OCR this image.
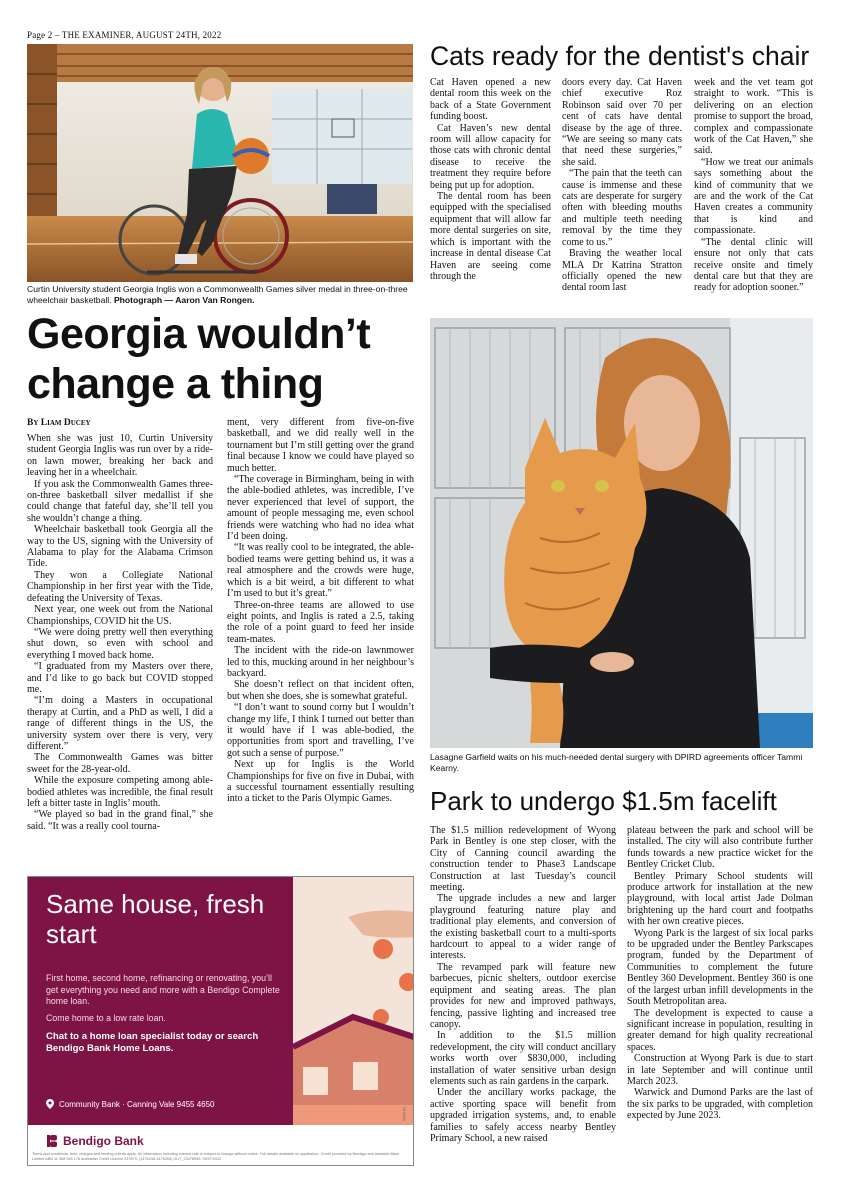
Page 2 – THE EXAMINER, AUGUST 24TH, 2022
Curtin University student Georgia Inglis won a Commonwealth Games silver medal in three-on-three wheelchair basketball. Photograph — Aaron Van Rongen.
Georgia wouldn’t change a thing
By Liam Ducey

When she was just 10, Curtin University student Georgia Inglis was run over by a ride-on lawn mower, breaking her back and leaving her in a wheelchair.

If you ask the Commonwealth Games three-on-three basketball silver medallist if she could change that fateful day, she’ll tell you she wouldn’t change a thing.

Wheelchair basketball took Georgia all the way to the US, signing with the University of Alabama to play for the Alabama Crimson Tide.

They won a Collegiate National Championship in her first year with the Tide, defeating the University of Texas.

Next year, one week out from the National Championships, COVID hit the US.

“We were doing pretty well then everything shut down, so even with school and everything I moved back home.

“I graduated from my Masters over there, and I’d like to go back but COVID stopped me.

“I’m doing a Masters in occupational therapy at Curtin, and a PhD as well, I did a range of different things in the US, the university system over there is very, very different.”

The Commonwealth Games was bitter sweet for the 28-year-old.

While the exposure competing among able-bodied athletes was incredible, the final result left a bitter taste in Inglis’ mouth.

“We played so bad in the grand final,” she said. “It was a really cool tourna-

ment, very different from five-on-five basketball, and we did really well in the tournament but I’m still getting over the grand final because I know we could have played so much better.

“The coverage in Birmingham, being in with the able-bodied athletes, was incredible, I’ve never experienced that level of support, the amount of people messaging me, even school friends were watching who had no idea what I’d been doing.

“It was really cool to be integrated, the able-bodied teams were getting behind us, it was a real atmosphere and the crowds were huge, which is a bit weird, a bit different to what I’m used to but it’s great.”

Three-on-three teams are allowed to use eight points, and Inglis is rated a 2.5, taking the role of a point guard to feed her inside team-mates.

The incident with the ride-on lawnmower led to this, mucking around in her neighbour’s backyard.

She doesn’t reflect on that incident often, but when she does, she is somewhat grateful.

“I don’t want to sound corny but I wouldn’t change my life, I think I turned out better than it would have if I was able-bodied, the opportunities from sport and travelling, I’ve got such a sense of purpose.”

Next up for Inglis is the World Championships for five on five in Dubai, with a successful tournament essentially resulting into a ticket to the Paris Olympic Games.

Cats ready for the dentist's chair

Cat Haven opened a new dental room this week on the back of a State Government funding boost.

Cat Haven’s new dental room will allow capacity for those cats with chronic dental disease to receive the treatment they require before being put up for adoption.

The dental room has been equipped with the specialised equipment that will allow far more dental surgeries on site, which is important with the increase in dental disease Cat Haven are seeing come through the

doors every day. Cat Haven chief executive Roz Robinson said over 70 per cent of cats have dental disease by the age of three. “We are seeing so many cats that need these surgeries,” she said.

“The pain that the teeth can cause is immense and these cats are desperate for surgery often with bleeding mouths and multiple teeth needing removal by the time they come to us.”

Braving the weather local MLA Dr Katrina Stratton officially opened the new dental room last

week and the vet team got straight to work. “This is delivering on an election promise to support the broad, complex and compassionate work of the Cat Haven,” she said.

“How we treat our animals says something about the kind of community that we are and the work of the Cat Haven creates a community that is kind and compassionate.

“The dental clinic will ensure not only that cats receive onsite and timely dental care but that they are ready for adoption sooner.”

Lasagne Garfield waits on his much-needed dental surgery with DPIRD agreements officer Tammi Kearny.
Park to undergo $1.5m facelift

The $1.5 million redevelopment of Wyong Park in Bentley is one step closer, with the City of Canning council awarding the construction tender to Phase3 Landscape Construction at last Tuesday’s council meeting.

The upgrade includes a new and larger playground featuring nature play and traditional play elements, and conversion of the existing basketball court to a multi-sports hardcourt to appeal to a wider range of interests.

The revamped park will feature new barbecues, picnic shelters, outdoor exercise equipment and seating areas. The plan provides for new and improved pathways, fencing, passive lighting and increased tree canopy.

In addition to the $1.5 million redevelopment, the city will conduct ancillary works worth over $830,000, including installation of water sensitive urban design elements such as rain gardens in the carpark.

Under the ancillary works package, the active sporting space will benefit from upgraded irrigation systems, and, to enable families to safely access nearby Bentley Primary School, a new raised

plateau between the park and school will be installed. The city will also contribute further funds towards a new practice wicket for the Bentley Cricket Club.

Bentley Primary School students will produce artwork for installation at the new playground, with local artist Jade Dolman brightening up the hard court and footpaths with her own creative pieces.

Wyong Park is the largest of six local parks to be upgraded under the Bentley Parkscapes program, funded by the Department of Communities to complement the future Bentley 360 Development. Bentley 360 is one of the largest urban infill developments in the South Metropolitan area.

The development is expected to cause a significant increase in population, resulting in greater demand for high quality recreational spaces.

Construction at Wyong Park is due to start in late September and will continue until March 2023.

Warwick and Dumond Parks are the last of the six parks to be upgraded, with completion expected by June 2023.

Same house, fresh start
First home, second home, refinancing or renovating, you’ll get everything you need and more with a Bendigo Complete home loan.
Come home to a low rate loan.
Chat to a home loan specialist today or search Bendigo Bank Home Loans.
Community Bank · Canning Vale 9455 4650
Bendigo Bank
S16150
Terms and conditions, fees, charges and lending criteria apply. All information including interest rate is subject to change without notice. Full details available on application. Credit provided by Bendigo and Adelaide Bank Limited ABN 11 068 049 178 Australian Credit Licence 237879. (1476246-1476263) OUT_23478949, 05/07/2022
